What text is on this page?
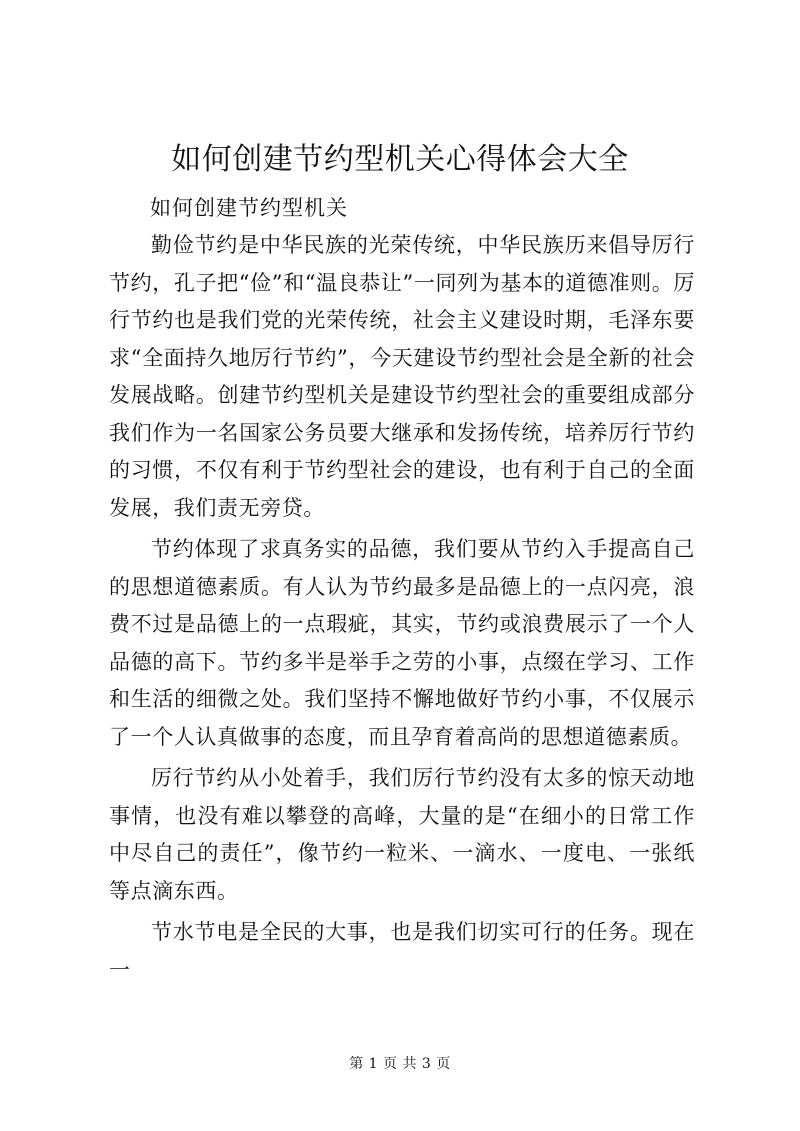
如何创建节约型机关心得体会大全

如何创建节约型机关

勤俭节约是中华民族的光荣传统，中华民族历来倡导厉行节约，孔子把“俭”和“温良恭让”一同列为基本的道德准则。厉行节约也是我们党的光荣传统，社会主义建设时期，毛泽东要求“全面持久地厉行节约”，今天建设节约型社会是全新的社会发展战略。创建节约型机关是建设节约型社会的重要组成部分我们作为一名国家公务员要大继承和发扬传统，培养厉行节约的习惯，不仅有利于节约型社会的建设，也有利于自己的全面发展，我们责无旁贷。

节约体现了求真务实的品德，我们要从节约入手提高自己的思想道德素质。有人认为节约最多是品德上的一点闪亮，浪费不过是品德上的一点瑕疵，其实，节约或浪费展示了一个人品德的高下。节约多半是举手之劳的小事，点缀在学习、工作和生活的细微之处。我们坚持不懈地做好节约小事，不仅展示了一个人认真做事的态度，而且孕育着高尚的思想道德素质。

厉行节约从小处着手，我们厉行节约没有太多的惊天动地事情，也没有难以攀登的高峰，大量的是“在细小的日常工作中尽自己的责任”，像节约一粒米、一滴水、一度电、一张纸等点滴东西。

节水节电是全民的大事，也是我们切实可行的任务。现在一

第 1 页 共 3 页
